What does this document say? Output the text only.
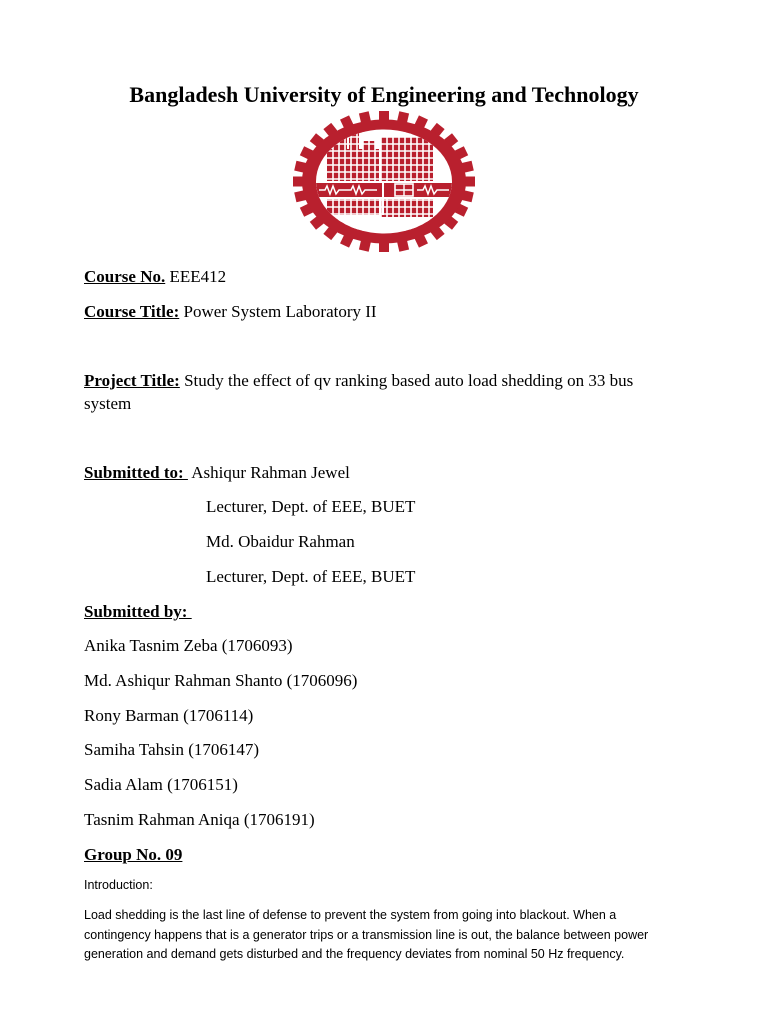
Bangladesh University of Engineering and Technology
Course No. EEE412
Course Title: Power System Laboratory II
Project Title: Study the effect of qv ranking based auto load shedding on 33 bus system
Submitted to:  Ashiqur Rahman Jewel
Lecturer, Dept. of EEE, BUET
Md. Obaidur Rahman
Lecturer, Dept. of EEE, BUET
Submitted by:
Anika Tasnim Zeba (1706093)
Md. Ashiqur Rahman Shanto (1706096)
Rony Barman (1706114)
Samiha Tahsin (1706147)
Sadia Alam (1706151)
Tasnim Rahman Aniqa (1706191)
Group No. 09
Introduction:
Load shedding is the last line of defense to prevent the system from going into blackout. When a contingency happens that is a generator trips or a transmission line is out, the balance between power generation and demand gets disturbed and the frequency deviates from nominal 50 Hz frequency.
